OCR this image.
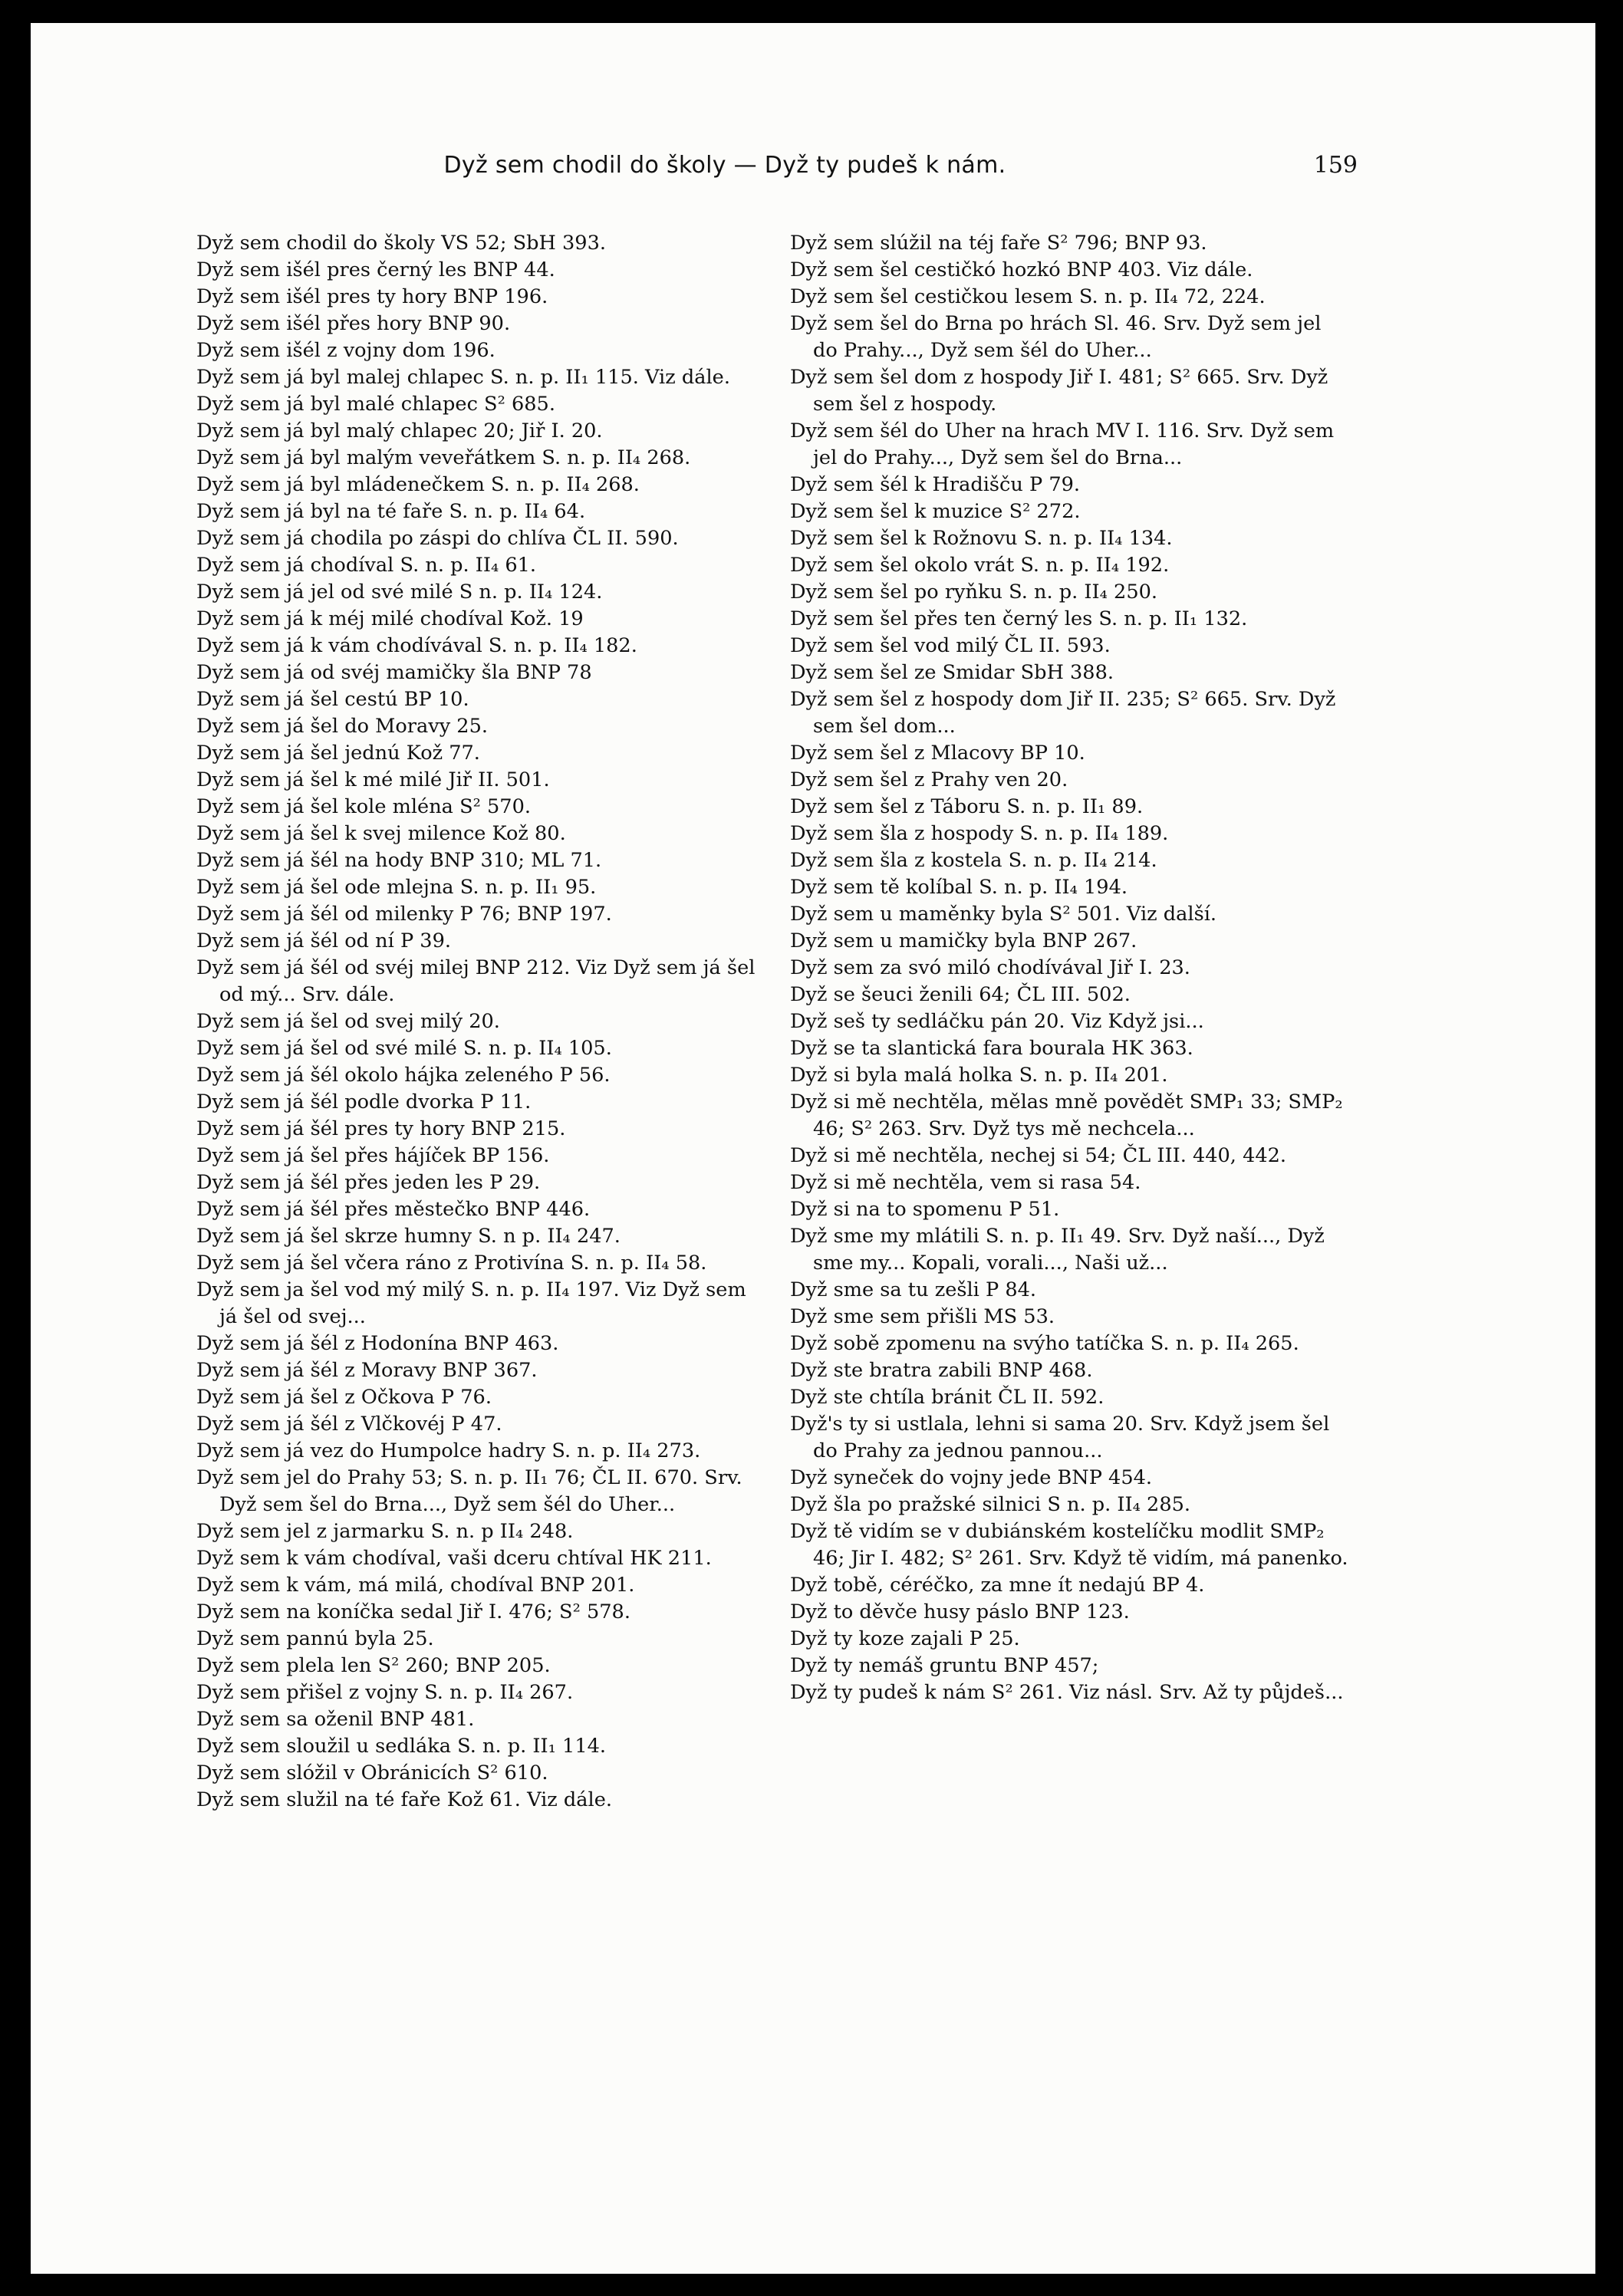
Dyž sem chodil do školy — Dyž ty pudeš k nám.	159

Dyž sem chodil do školy VS 52; SbH 393.

Dyž sem išél pres černý les BNP 44.

Dyž sem išél pres ty hory BNP 196.

Dyž sem išél přes hory BNP 90.

Dyž sem išél z vojny dom 196.

Dyž sem já byl malej chlapec S. n. p. II₁ 115. Viz dále.

Dyž sem já byl malé chlapec S² 685.

Dyž sem já byl malý chlapec 20; Jiř I. 20.

Dyž sem já byl malým veveřátkem S. n. p. II₄ 268.

Dyž sem já byl mládenečkem S. n. p. II₄ 268.

Dyž sem já byl na té faře S. n. p. II₄ 64.

Dyž sem já chodila po záspi do chlíva ČL II. 590.

Dyž sem já chodíval S. n. p. II₄ 61.

Dyž sem já jel od své milé S n. p. II₄ 124.

Dyž sem já k méj milé chodíval Kož. 19

Dyž sem já k vám chodívával S. n. p. II₄ 182.

Dyž sem já od svéj mamičky šla BNP 78

Dyž sem já šel cestú BP 10.

Dyž sem já šel do Moravy 25.

Dyž sem já šel jednú Kož 77.

Dyž sem já šel k mé milé Jiř II. 501.

Dyž sem já šel kole mléna S² 570.

Dyž sem já šel k svej milence Kož 80.

Dyž sem já šél na hody BNP 310; ML 71.

Dyž sem já šel ode mlejna S. n. p. II₁ 95.

Dyž sem já šél od milenky P 76; BNP 197.

Dyž sem já šél od ní P 39.

Dyž sem já šél od svéj milej BNP 212. Viz Dyž sem já šel od mý... Srv. dále.

Dyž sem já šel od svej milý 20.

Dyž sem já šel od své milé S. n. p. II₄ 105.

Dyž sem já šél okolo hájka zeleného P 56.

Dyž sem já šél podle dvorka P 11.

Dyž sem já šél pres ty hory BNP 215.

Dyž sem já šel přes hájíček BP 156.

Dyž sem já šél přes jeden les P 29.

Dyž sem já šél přes městečko BNP 446.

Dyž sem já šel skrze humny S. n p. II₄ 247.

Dyž sem já šel včera ráno z Protivína S. n. p. II₄ 58.

Dyž sem ja šel vod mý milý S. n. p. II₄ 197. Viz Dyž sem já šel od svej...

Dyž sem já šél z Hodonína BNP 463.

Dyž sem já šél z Moravy BNP 367.

Dyž sem já šel z Očkova P 76.

Dyž sem já šél z Vlčkovéj P 47.

Dyž sem já vez do Humpolce hadry S. n. p. II₄ 273.

Dyž sem jel do Prahy 53; S. n. p. II₁ 76; ČL II. 670. Srv. Dyž sem šel do Brna..., Dyž sem šél do Uher...

Dyž sem jel z jarmarku S. n. p II₄ 248.

Dyž sem k vám chodíval, vaši dceru chtíval HK 211.

Dyž sem k vám, má milá, chodíval BNP 201.

Dyž sem na koníčka sedal Jiř I. 476; S² 578.

Dyž sem pannú byla 25.

Dyž sem plela len S² 260; BNP 205.

Dyž sem přišel z vojny S. n. p. II₄ 267.

Dyž sem sa oženil BNP 481.

Dyž sem sloužil u sedláka S. n. p. II₁ 114.

Dyž sem slóžil v Obránicích S² 610.

Dyž sem služil na té faře Kož 61. Viz dále.

Dyž sem slúžil na téj faře S² 796; BNP 93.

Dyž sem šel cestičkó hozkó BNP 403. Viz dále.

Dyž sem šel cestičkou lesem S. n. p. II₄ 72, 224.

Dyž sem šel do Brna po hrách Sl. 46. Srv. Dyž sem jel do Prahy..., Dyž sem šél do Uher...

Dyž sem šel dom z hospody Jiř I. 481; S² 665. Srv. Dyž sem šel z hospody.

Dyž sem šél do Uher na hrach MV I. 116. Srv. Dyž sem jel do Prahy..., Dyž sem šel do Brna...

Dyž sem šél k Hradišču P 79.

Dyž sem šel k muzice S² 272.

Dyž sem šel k Rožnovu S. n. p. II₄ 134.

Dyž sem šel okolo vrát S. n. p. II₄ 192.

Dyž sem šel po ryňku S. n. p. II₄ 250.

Dyž sem šel přes ten černý les S. n. p. II₁ 132.

Dyž sem šel vod milý ČL II. 593.

Dyž sem šel ze Smidar SbH 388.

Dyž sem šel z hospody dom Jiř II. 235; S² 665. Srv. Dyž sem šel dom...

Dyž sem šel z Mlacovy BP 10.

Dyž sem šel z Prahy ven 20.

Dyž sem šel z Táboru S. n. p. II₁ 89.

Dyž sem šla z hospody S. n. p. II₄ 189.

Dyž sem šla z kostela S. n. p. II₄ 214.

Dyž sem tě kolíbal S. n. p. II₄ 194.

Dyž sem u maměnky byla S² 501. Viz další.

Dyž sem u mamičky byla BNP 267.

Dyž sem za svó miló chodívával Jiř I. 23.

Dyž se šeuci ženili 64; ČL III. 502.

Dyž seš ty sedláčku pán 20. Viz Když jsi...

Dyž se ta slantická fara bourala HK 363.

Dyž si byla malá holka S. n. p. II₄ 201.

Dyž si mě nechtěla, mělas mně povědět SMP₁ 33; SMP₂ 46; S² 263. Srv. Dyž tys mě nechcela...

Dyž si mě nechtěla, nechej si 54; ČL III. 440, 442.

Dyž si mě nechtěla, vem si rasa 54.

Dyž si na to spomenu P 51.

Dyž sme my mlátili S. n. p. II₁ 49. Srv. Dyž naší..., Dyž sme my... Kopali, vorali..., Naši už...

Dyž sme sa tu zešli P 84.

Dyž sme sem přišli MS 53.

Dyž sobě zpomenu na svýho tatíčka S. n. p. II₄ 265.

Dyž ste bratra zabili BNP 468.

Dyž ste chtíla bránit ČL II. 592.

Dyž's ty si ustlala, lehni si sama 20. Srv. Když jsem šel do Prahy za jednou pannou...

Dyž syneček do vojny jede BNP 454.

Dyž šla po pražské silnici S n. p. II₄ 285.

Dyž tě vidím se v dubiánském kostelíčku modlit SMP₂ 46; Jir I. 482; S² 261. Srv. Když tě vidím, má panenko.

Dyž tobě, céréčko, za mne ít nedajú BP 4.

Dyž to děvče husy páslo BNP 123.

Dyž ty koze zajali P 25.

Dyž ty nemáš gruntu BNP 457;

Dyž ty pudeš k nám S² 261. Viz násl. Srv. Až ty půjdeš...
